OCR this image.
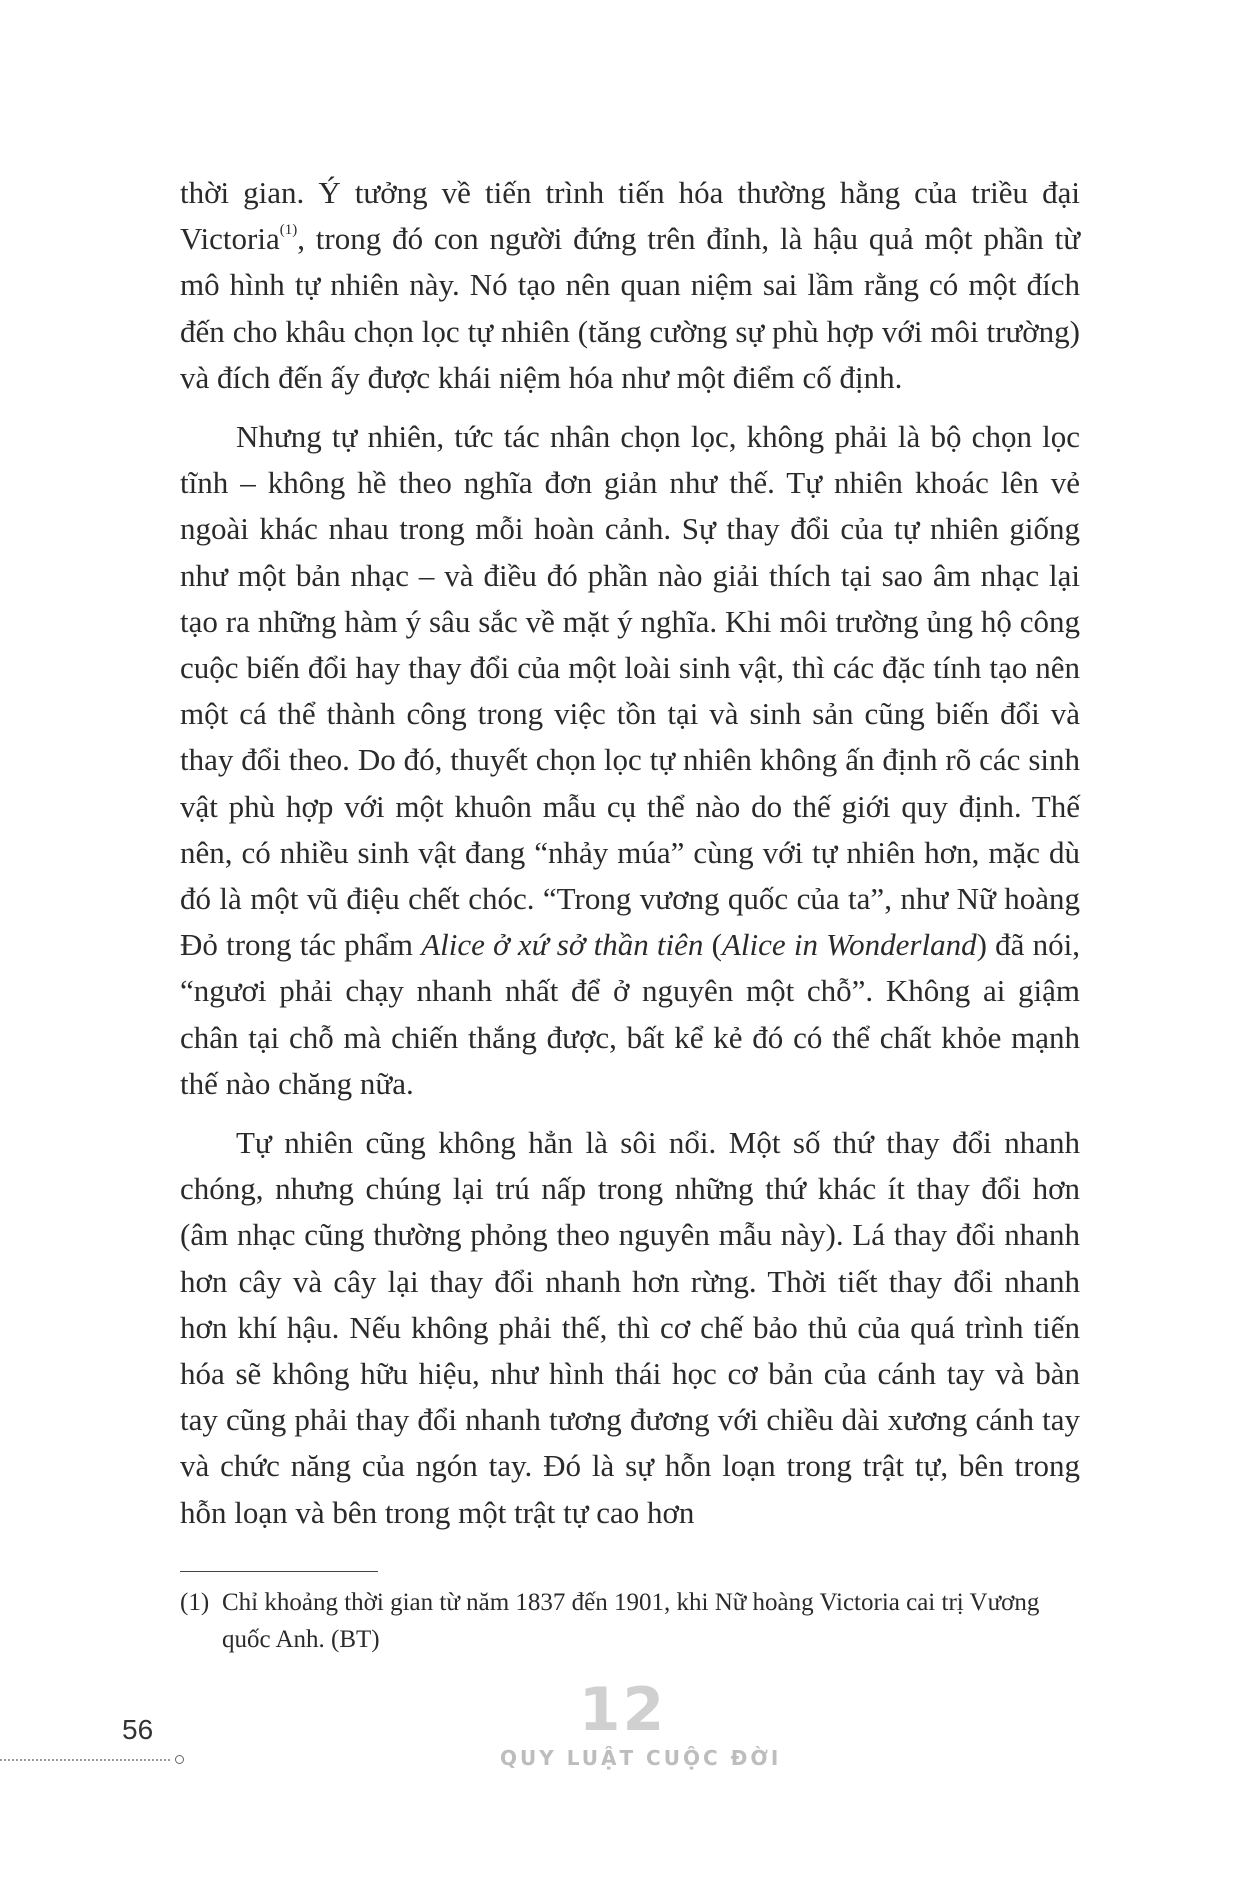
thời gian. Ý tưởng về tiến trình tiến hóa thường hằng của triều đại Victoria$^{(1)}$, trong đó con người đứng trên đỉnh, là hậu quả một phần từ mô hình tự nhiên này. Nó tạo nên quan niệm sai lầm rằng có một đích đến cho khâu chọn lọc tự nhiên (tăng cường sự phù hợp với môi trường) và đích đến ấy được khái niệm hóa như một điểm cố định.

Nhưng tự nhiên, tức tác nhân chọn lọc, không phải là bộ chọn lọc tĩnh – không hề theo nghĩa đơn giản như thế. Tự nhiên khoác lên vẻ ngoài khác nhau trong mỗi hoàn cảnh. Sự thay đổi của tự nhiên giống như một bản nhạc – và điều đó phần nào giải thích tại sao âm nhạc lại tạo ra những hàm ý sâu sắc về mặt ý nghĩa. Khi môi trường ủng hộ công cuộc biến đổi hay thay đổi của một loài sinh vật, thì các đặc tính tạo nên một cá thể thành công trong việc tồn tại và sinh sản cũng biến đổi và thay đổi theo. Do đó, thuyết chọn lọc tự nhiên không ấn định rõ các sinh vật phù hợp với một khuôn mẫu cụ thể nào do thế giới quy định. Thế nên, có nhiều sinh vật đang “nhảy múa” cùng với tự nhiên hơn, mặc dù đó là một vũ điệu chết chóc. “Trong vương quốc của ta”, như Nữ hoàng Đỏ trong tác phẩm Alice ở xứ sở thần tiên (Alice in Wonderland) đã nói, “ngươi phải chạy nhanh nhất để ở nguyên một chỗ”. Không ai giậm chân tại chỗ mà chiến thắng được, bất kể kẻ đó có thể chất khỏe mạnh thế nào chăng nữa.

Tự nhiên cũng không hẳn là sôi nổi. Một số thứ thay đổi nhanh chóng, nhưng chúng lại trú nấp trong những thứ khác ít thay đổi hơn (âm nhạc cũng thường phỏng theo nguyên mẫu này). Lá thay đổi nhanh hơn cây và cây lại thay đổi nhanh hơn rừng. Thời tiết thay đổi nhanh hơn khí hậu. Nếu không phải thế, thì cơ chế bảo thủ của quá trình tiến hóa sẽ không hữu hiệu, như hình thái học cơ bản của cánh tay và bàn tay cũng phải thay đổi nhanh tương đương với chiều dài xương cánh tay và chức năng của ngón tay. Đó là sự hỗn loạn trong trật tự, bên trong hỗn loạn và bên trong một trật tự cao hơn

(1) Chỉ khoảng thời gian từ năm 1837 đến 1901, khi Nữ hoàng Victoria cai trị Vương quốc Anh. (BT)
56	12
QUY LUẬT CUỘC ĐỜI
